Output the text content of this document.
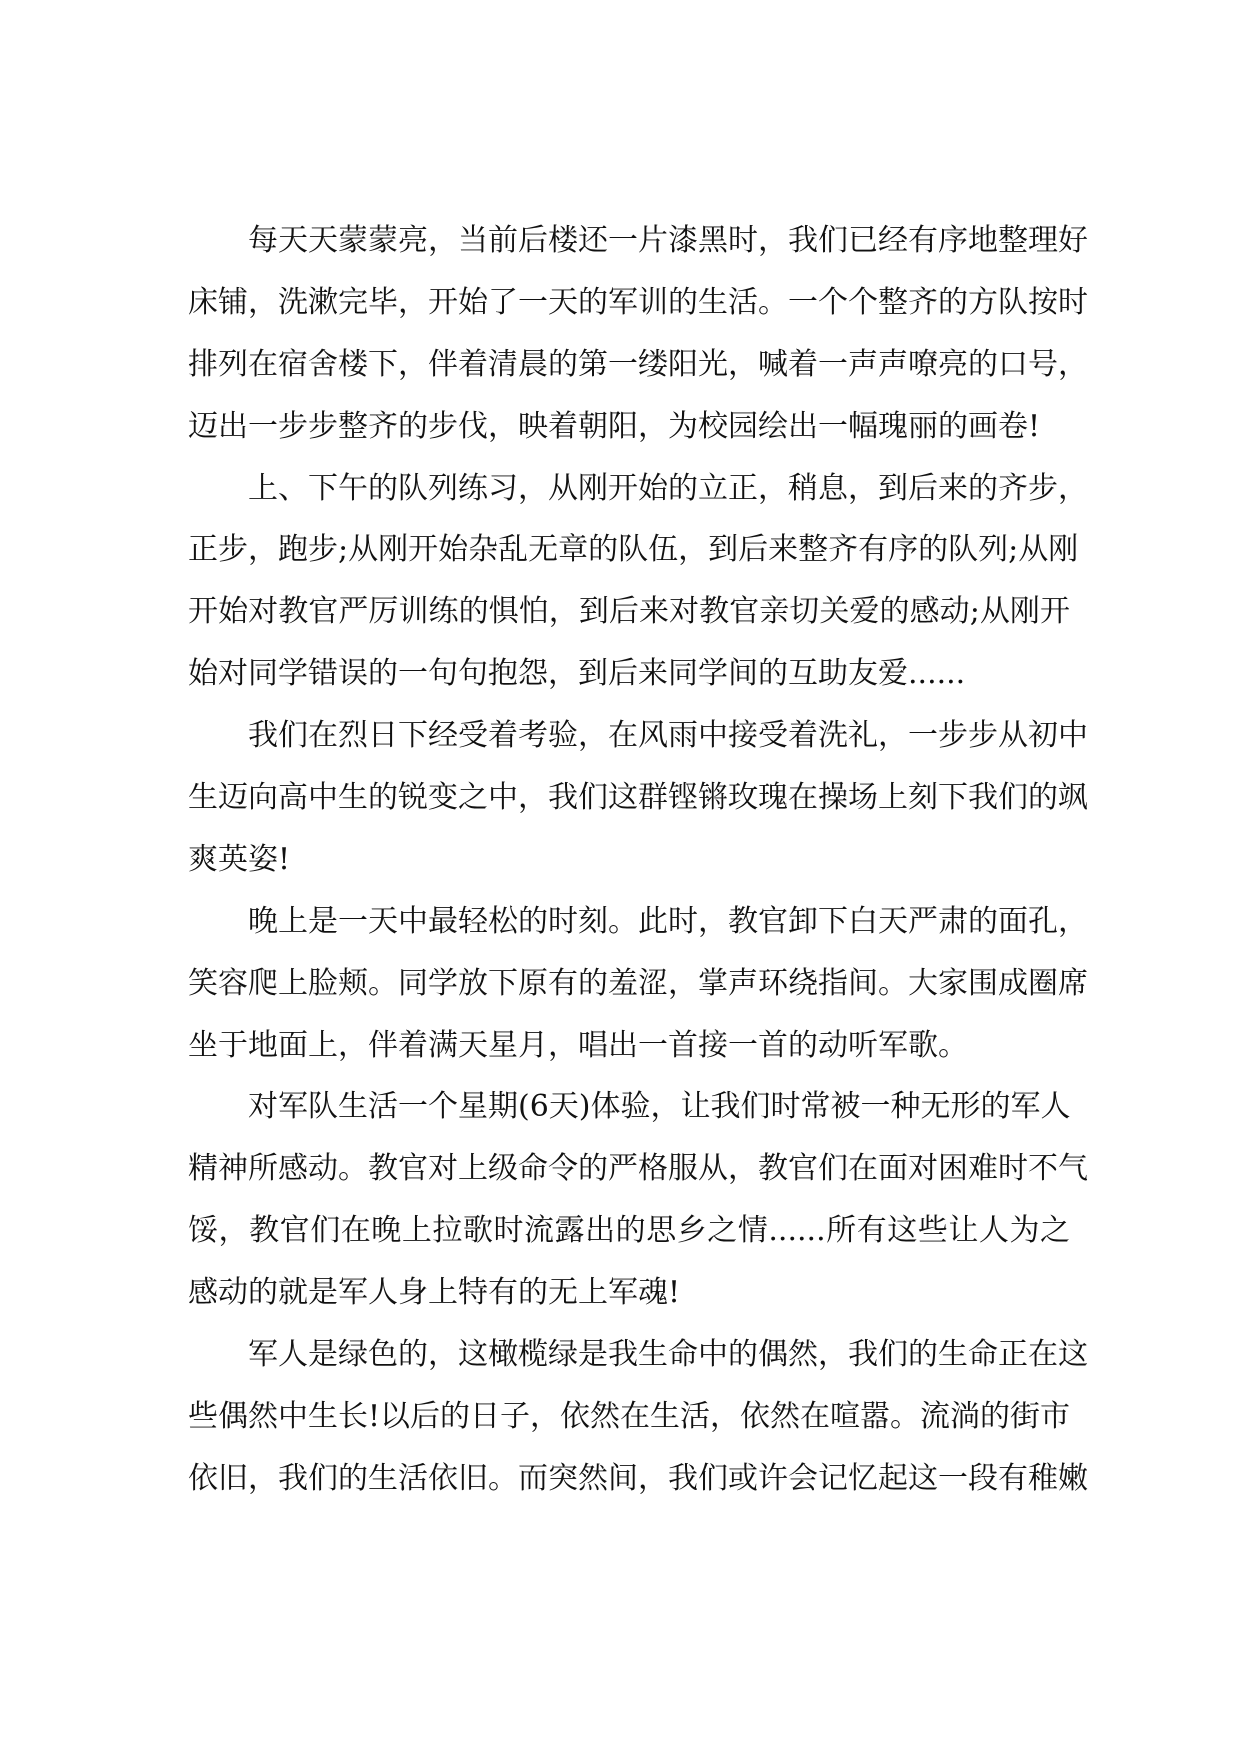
每天天蒙蒙亮，当前后楼还一片漆黑时，我们已经有序地整理好
床铺，洗漱完毕，开始了一天的军训的生活。一个个整齐的方队按时
排列在宿舍楼下，伴着清晨的第一缕阳光，喊着一声声嘹亮的口号，
迈出一步步整齐的步伐，映着朝阳，为校园绘出一幅瑰丽的画卷!
上、下午的队列练习，从刚开始的立正，稍息，到后来的齐步，
正步，跑步;从刚开始杂乱无章的队伍，到后来整齐有序的队列;从刚
开始对教官严厉训练的惧怕，到后来对教官亲切关爱的感动;从刚开
始对同学错误的一句句抱怨，到后来同学间的互助友爱......
我们在烈日下经受着考验，在风雨中接受着洗礼，一步步从初中
生迈向高中生的锐变之中，我们这群铿锵玫瑰在操场上刻下我们的飒
爽英姿!
晚上是一天中最轻松的时刻。此时，教官卸下白天严肃的面孔，
笑容爬上脸颊。同学放下原有的羞涩，掌声环绕指间。大家围成圈席
坐于地面上，伴着满天星月，唱出一首接一首的动听军歌。
对军队生活一个星期(6天)体验，让我们时常被一种无形的军人
精神所感动。教官对上级命令的严格服从，教官们在面对困难时不气
馁，教官们在晚上拉歌时流露出的思乡之情......所有这些让人为之
感动的就是军人身上特有的无上军魂!
军人是绿色的，这橄榄绿是我生命中的偶然，我们的生命正在这
些偶然中生长!以后的日子，依然在生活，依然在喧嚣。流淌的街市
依旧，我们的生活依旧。而突然间，我们或许会记忆起这一段有稚嫩
